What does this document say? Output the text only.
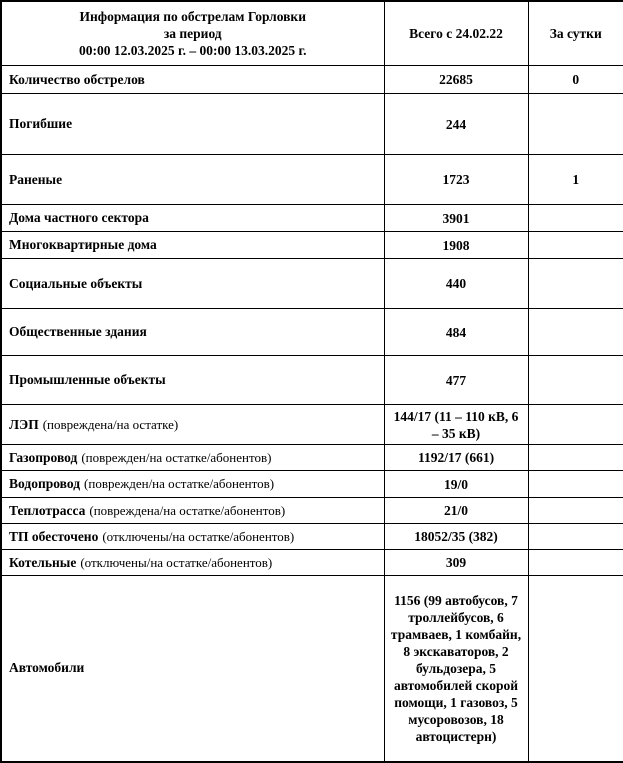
Информация по обстрелам Горловки
за период
00:00 12.03.2025 г. – 00:00 13.03.2025 г.	Всего с 24.02.22	За сутки
Количество обстрелов	22685	0
Погибшие	244	
Раненые	1723	1
Дома частного сектора	3901	
Многоквартирные дома	1908	
Социальные объекты	440	
Общественные здания	484	
Промышленные объекты	477	
ЛЭП (повреждена/на остатке)	144/17 (11 – 110 кВ, 6 – 35 кВ)	
Газопровод (поврежден/на остатке/абонентов)	1192/17 (661)	
Водопровод (поврежден/на остатке/абонентов)	19/0	
Теплотрасса (повреждена/на остатке/абонентов)	21/0	
ТП обесточено (отключены/на остатке/абонентов)	18052/35 (382)	
Котельные (отключены/на остатке/абонентов)	309	
Автомобили	1156 (99 автобусов, 7 троллейбусов, 6 трамваев, 1 комбайн, 8 экскаваторов, 2 бульдозера, 5 автомобилей скорой помощи, 1 газовоз, 5 мусоровозов, 18 автоцистерн)	
